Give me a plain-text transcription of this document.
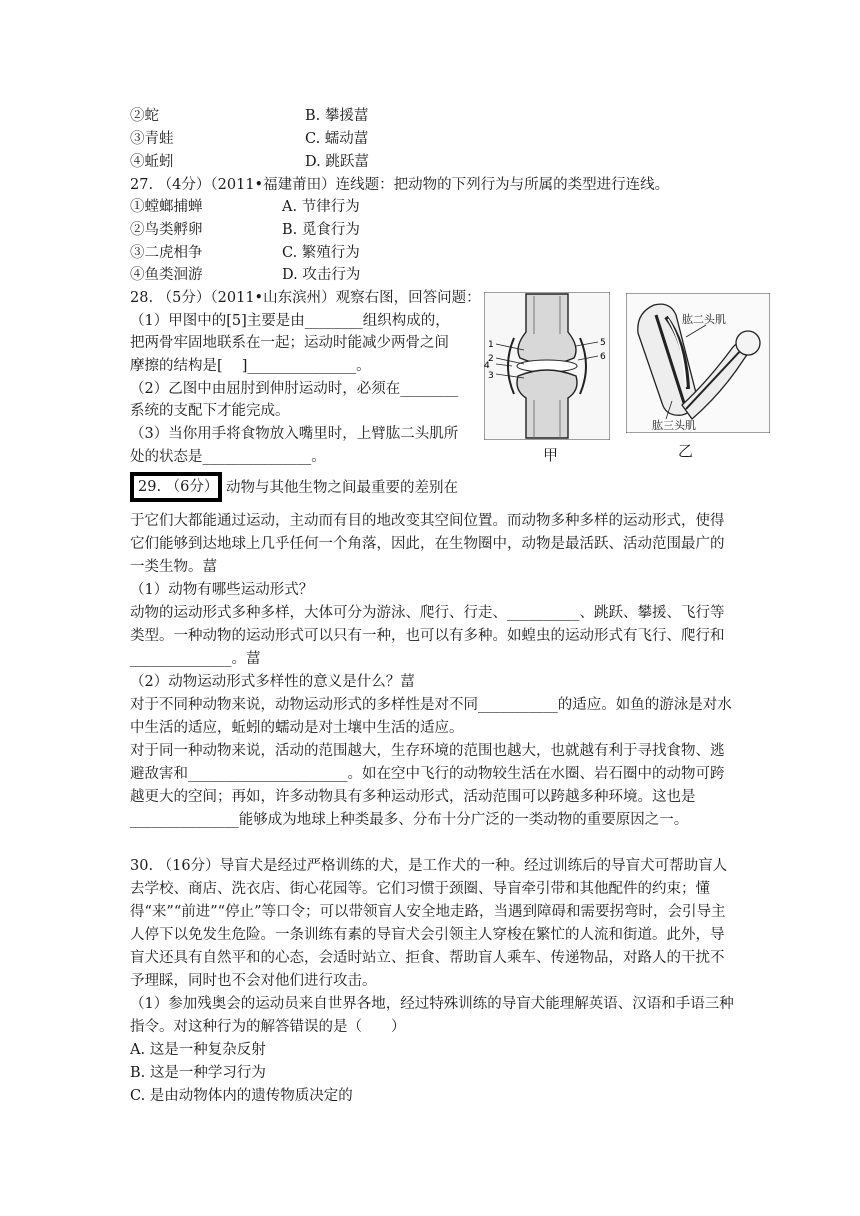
②蛇	B. 攀援葍
③青蛙	C. 蠕动葍
④蚯蚓	D. 跳跃葍
27. （4分）（2011•福建莆田）连线题：把动物的下列行为与所属的类型进行连线。
①螳螂捕蝉	A. 节律行为
②鸟类孵卵	B. 觅食行为
③二虎相争	C. 繁殖行为
④鱼类洄游	D. 攻击行为
28. （5分）（2011•山东滨州）观察右图，回答问题：
（1）甲图中的[5]主要是由________组织构成的，
把两骨牢固地联系在一起；运动时能减少两骨之间
摩擦的结构是[　 ]_______________。
（2）乙图中由屈肘到伸肘运动时，必须在________
系统的支配下才能完成。
（3）当你用手将食物放入嘴里时，上臂肱二头肌所
处的状态是_______________。
1
2
3
4
5
6
甲
肱二头肌
肱三头肌
乙
29. （6分） 动物与其他生物之间最重要的差别在

于它们大都能通过运动，主动而有目的地改变其空间位置。而动物多种多样的运动形式，使得它们能够到达地球上几乎任何一个角落，因此，在生物圈中，动物是最活跃、活动范围最广的一类生物。葍

（1）动物有哪些运动形式？

动物的运动形式多种多样，大体可分为游泳、爬行、行走、__________、跳跃、攀援、飞行等类型。一种动物的运动形式可以只有一种，也可以有多种。如蝗虫的运动形式有飞行、爬行和______________。葍

（2）动物运动形式多样性的意义是什么？葍

对于不同种动物来说，动物运动形式的多样性是对不同___________的适应。如鱼的游泳是对水中生活的适应，蚯蚓的蠕动是对土壤中生活的适应。

对于同一种动物来说，活动的范围越大，生存环境的范围也越大，也就越有利于寻找食物、逃避敌害和______________________。如在空中飞行的动物较生活在水圈、岩石圈中的动物可跨越更大的空间；再如，许多动物具有多种运动形式，活动范围可以跨越多种环境。这也是_______________能够成为地球上种类最多、分布十分广泛的一类动物的重要原因之一。

30. （16分）导盲犬是经过严格训练的犬，是工作犬的一种。经过训练后的导盲犬可帮助盲人去学校、商店、洗衣店、街心花园等。它们习惯于颈圈、导盲牵引带和其他配件的约束；懂得“来”“前进”“停止”等口令；可以带领盲人安全地走路，当遇到障碍和需要拐弯时，会引导主人停下以免发生危险。一条训练有素的导盲犬会引领主人穿梭在繁忙的人流和街道。此外，导盲犬还具有自然平和的心态，会适时站立、拒食、帮助盲人乘车、传递物品，对路人的干扰不予理睬，同时也不会对他们进行攻击。

（1）参加残奥会的运动员来自世界各地，经过特殊训练的导盲犬能理解英语、汉语和手语三种指令。对这种行为的解答错误的是（　　）

A. 这是一种复杂反射

B. 这是一种学习行为

C. 是由动物体内的遗传物质决定的
